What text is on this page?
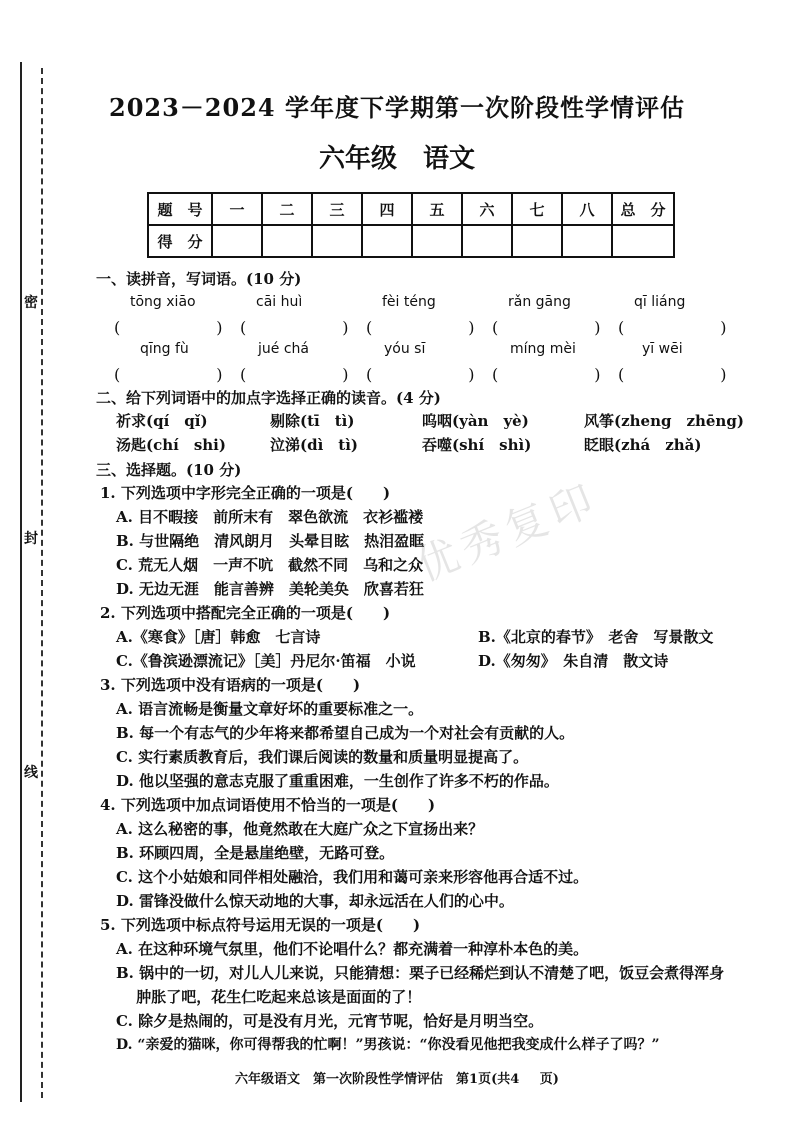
密
封
线
优秀复印
2023－2024 学年度下学期第一次阶段性学情评估
六年级　语文
题　号	一	二	三	四	五	六	七	八	总　分
得　分									
一、读拼音，写词语。(10 分)
tōng xiāo	cāi huì	fèi téng	rǎn gāng	qī liáng
(　　　　　　) (　　　　　　) (　　　　　　) (　　　　　　) (　　　　　　)
qīng fù	jué chá	yóu sī	míng mèi	yī wēi
(　　　　　　) (　　　　　　) (　　　　　　) (　　　　　　) (　　　　　　)
二、给下列词语中的加点字选择正确的读音。(4 分)
祈求(qí　qǐ)	剔除(tī　tì)	呜咽(yàn　yè)	风筝(zheng　zhēng)
汤匙(chí　shi)	泣涕(dì　tì)	吞噬(shí　shì)	眨眼(zhá　zhǎ)
三、选择题。(10 分)
1. 下列选项中字形完全正确的一项是(　　)
A. 目不暇接　前所末有　翠色欲流　衣衫褴褛
B. 与世隔绝　清风朗月　头晕目眩　热泪盈眶
C. 荒无人烟　一声不吭　截然不同　乌和之众
D. 无边无涯　能言善辨　美轮美奂　欣喜若狂
2. 下列选项中搭配完全正确的一项是(　　)
A.《寒食》［唐］韩愈　七言诗	B.《北京的春节》　老舍　写景散文
C.《鲁滨逊漂流记》［美］丹尼尔·笛福　小说	D.《匆匆》　朱自清　散文诗
3. 下列选项中没有语病的一项是(　　)
A. 语言流畅是衡量文章好坏的重要标准之一。
B. 每一个有志气的少年将来都希望自己成为一个对社会有贡献的人。
C. 实行素质教育后，我们课后阅读的数量和质量明显提高了。
D. 他以坚强的意志克服了重重困难，一生创作了许多不朽的作品。
4. 下列选项中加点词语使用不恰当的一项是(　　)
A. 这么秘密的事，他竟然敢在大庭广众之下宣扬出来？
B. 环顾四周，全是悬崖绝壁，无路可登。
C. 这个小姑娘和同伴相处融洽，我们用和蔼可亲来形容他再合适不过。
D. 雷锋没做什么惊天动地的大事，却永远活在人们的心中。
5. 下列选项中标点符号运用无误的一项是(　　)
A. 在这种环境气氛里，他们不论唱什么？都充满着一种淳朴本色的美。
B. 锅中的一切，对儿人儿来说，只能猜想：栗子已经稀烂到认不清楚了吧，饭豆会煮得浑身
　 肿胀了吧，花生仁吃起来总该是面面的了！
C. 除夕是热闹的，可是没有月光，元宵节呢，恰好是月明当空。
D. “亲爱的猫咪，你可得帮我的忙啊！”男孩说：“你没看见他把我变成什么样子了吗？”
六年级语文　第一次阶段性学情评估　第1页(共4 页)
